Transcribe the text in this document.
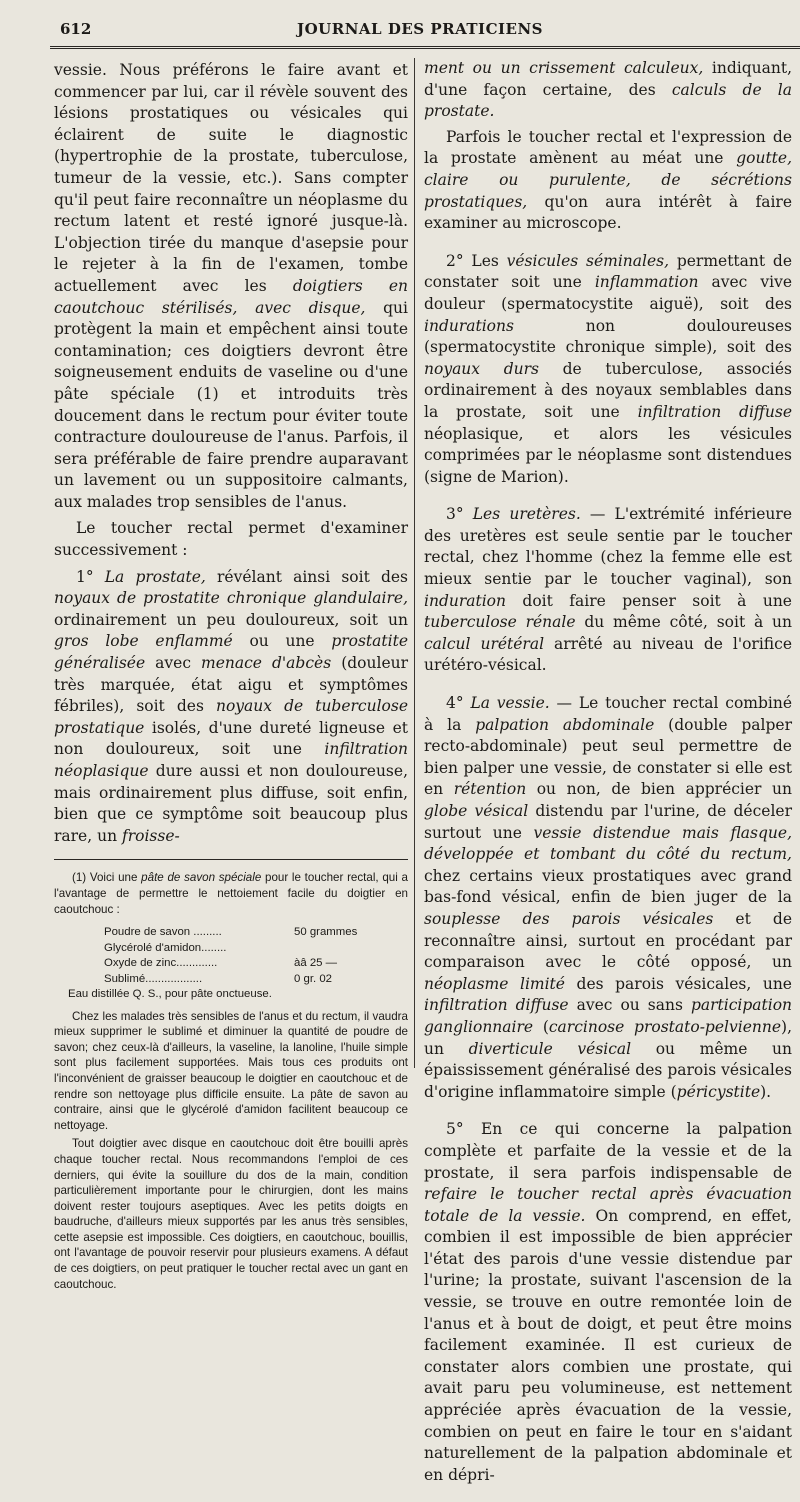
612	JOURNAL DES PRATICIENS

vessie. Nous préférons le faire avant et commencer par lui, car il révèle souvent des lésions prostatiques ou vésicales qui éclairent de suite le diagnostic (hypertrophie de la prostate, tuberculose, tumeur de la vessie, etc.). Sans compter qu'il peut faire reconnaître un néoplasme du rectum latent et resté ignoré jusque-là. L'objection tirée du manque d'asepsie pour le rejeter à la fin de l'examen, tombe actuellement avec les doigtiers en caoutchouc stérilisés, avec disque, qui protègent la main et empêchent ainsi toute contamination; ces doigtiers devront être soigneusement enduits de vaseline ou d'une pâte spéciale (1) et introduits très doucement dans le rectum pour éviter toute contracture douloureuse de l'anus. Parfois, il sera préférable de faire prendre auparavant un lavement ou un suppositoire calmants, aux malades trop sensibles de l'anus.

Le toucher rectal permet d'examiner successivement :

1° La prostate, révélant ainsi soit des noyaux de prostatite chronique glandulaire, ordinairement un peu douloureux, soit un gros lobe enflammé ou une prostatite généralisée avec menace d'abcès (douleur très marquée, état aigu et symptômes fébriles), soit des noyaux de tuberculose prostatique isolés, d'une dureté ligneuse et non douloureux, soit une infiltration néoplasique dure aussi et non douloureuse, mais ordinairement plus diffuse, soit enfin, bien que ce symptôme soit beaucoup plus rare, un froisse-

(1) Voici une pâte de savon spéciale pour le toucher rectal, qui a l'avantage de permettre le nettoiement facile du doigtier en caoutchouc :

Poudre de savon .........	50 grammes
Glycérolé d'amidon........
Oxyde de zinc.............	àâ 25 —
Sublimé..................	0 gr. 02
Eau distillée Q. S., pour pâte onctueuse.

Chez les malades très sensibles de l'anus et du rectum, il vaudra mieux supprimer le sublimé et diminuer la quantité de poudre de savon; chez ceux-là d'ailleurs, la vaseline, la lanoline, l'huile simple sont plus facilement supportées. Mais tous ces produits ont l'inconvénient de graisser beaucoup le doigtier en caoutchouc et de rendre son nettoyage plus difficile ensuite. La pâte de savon au contraire, ainsi que le glycérolé d'amidon facilitent beaucoup ce nettoyage.

Tout doigtier avec disque en caoutchouc doit être bouilli après chaque toucher rectal. Nous recommandons l'emploi de ces derniers, qui évite la souillure du dos de la main, condition particulièrement importante pour le chirurgien, dont les mains doivent rester toujours aseptiques. Avec les petits doigts en baudruche, d'ailleurs mieux supportés par les anus très sensibles, cette asepsie est impossible. Ces doigtiers, en caoutchouc, bouillis, ont l'avantage de pouvoir reservir pour plusieurs examens. A défaut de ces doigtiers, on peut pratiquer le toucher rectal avec un gant en caoutchouc.

ment ou un crissement calculeux, indiquant, d'une façon certaine, des calculs de la prostate.

Parfois le toucher rectal et l'expression de la prostate amènent au méat une goutte, claire ou purulente, de sécrétions prostatiques, qu'on aura intérêt à faire examiner au microscope.

2° Les vésicules séminales, permettant de constater soit une inflammation avec vive douleur (spermatocystite aiguë), soit des indurations non douloureuses (spermatocystite chronique simple), soit des noyaux durs de tuberculose, associés ordinairement à des noyaux semblables dans la prostate, soit une infiltration diffuse néoplasique, et alors les vésicules comprimées par le néoplasme sont distendues (signe de Marion).

3° Les uretères. — L'extrémité inférieure des uretères est seule sentie par le toucher rectal, chez l'homme (chez la femme elle est mieux sentie par le toucher vaginal), son induration doit faire penser soit à une tuberculose rénale du même côté, soit à un calcul urétéral arrêté au niveau de l'orifice urétéro-vésical.

4° La vessie. — Le toucher rectal combiné à la palpation abdominale (double palper recto-abdominale) peut seul permettre de bien palper une vessie, de constater si elle est en rétention ou non, de bien apprécier un globe vésical distendu par l'urine, de déceler surtout une vessie distendue mais flasque, développée et tombant du côté du rectum, chez certains vieux prostatiques avec grand bas-fond vésical, enfin de bien juger de la souplesse des parois vésicales et de reconnaître ainsi, surtout en procédant par comparaison avec le côté opposé, un néoplasme limité des parois vésicales, une infiltration diffuse avec ou sans participation ganglionnaire (carcinose prostato-pelvienne), un diverticule vésical ou même un épaississement généralisé des parois vésicales d'origine inflammatoire simple (péricystite).

5° En ce qui concerne la palpation complète et parfaite de la vessie et de la prostate, il sera parfois indispensable de refaire le toucher rectal après évacuation totale de la vessie. On comprend, en effet, combien il est impossible de bien apprécier l'état des parois d'une vessie distendue par l'urine; la prostate, suivant l'ascension de la vessie, se trouve en outre remontée loin de l'anus et à bout de doigt, et peut être moins facilement examinée. Il est curieux de constater alors combien une prostate, qui avait paru peu volumineuse, est nettement appréciée après évacuation de la vessie, combien on peut en faire le tour en s'aidant naturellement de la palpation abdominale et en dépri-
